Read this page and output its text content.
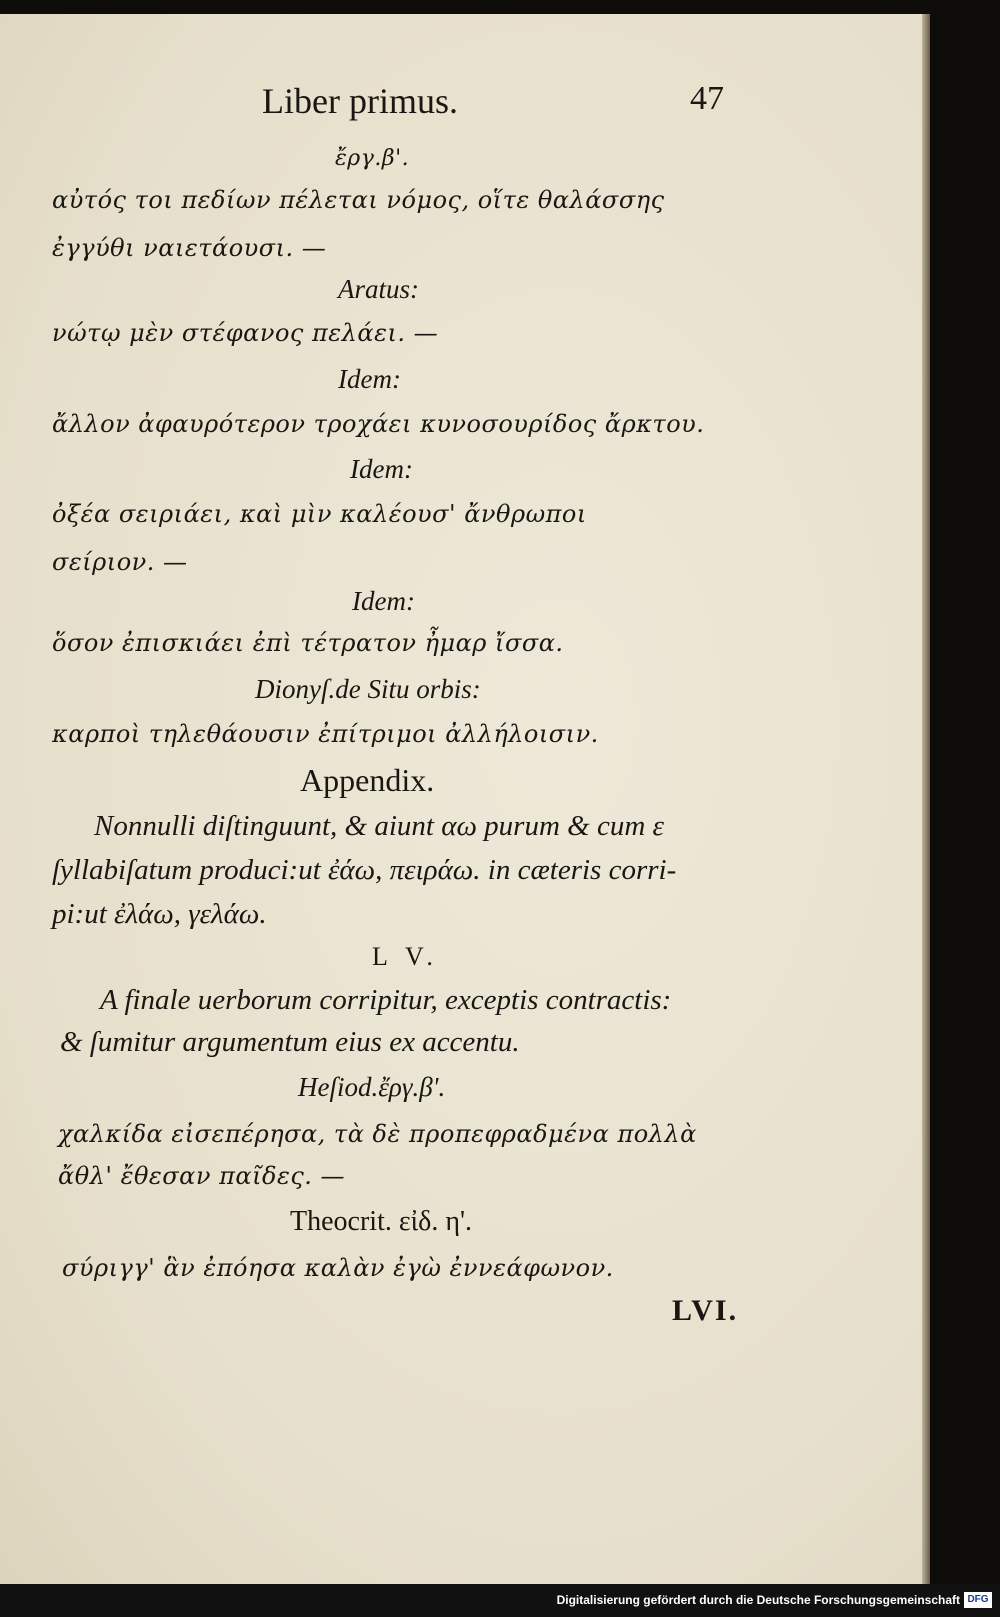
Liber primus.	47
ἔργ.β'.
αὐτός τοι πεδίων πέλεται νόμος, οἵτε θαλάσσης
ἐγγύθι ναιετάουσι. —
Aratus:
νώτῳ μὲν στέφανος πελάει. —
Idem:
ἄλλον ἀφαυρότερον τροχάει κυνοσουρίδος ἄρκτου.
Idem:
ὀξέα σειριάει, καὶ μὶν καλέουσ' ἄνθρωποι
σείριον. —
Idem:
ὅσον ἐπισκιάει ἐπὶ τέτρατον ἦμαρ ἴσσα.
Dionyſ.de Situ orbis:
καρποὶ τηλεθάουσιν ἐπίτριμοι ἀλλήλοισιν.
Appendix.
Nonnulli diſtinguunt, & aiunt αω purum & cum ε
ſyllabiſatum produci:ut ἐάω, πειράω. in cæteris corri-
pi:ut ἐλάω, γελάω.
L V.
A finale uerborum corripitur, exceptis contractis:
& ſumitur argumentum eius ex accentu.
Heſiod.ἔργ.β'.
χαλκίδα εἰσεπέρησα, τὰ δὲ προπεφραδμένα πολλὰ
ἄθλ' ἔθεσαν παῖδες. —
Theocrit. εἰδ. η'.
σύριγγ' ἃν ἐπόησα καλὰν ἐγὼ ἐννεάφωνον.
LVI.
Digitalisierung gefördert durch die Deutsche Forschungsgemeinschaft DFG
